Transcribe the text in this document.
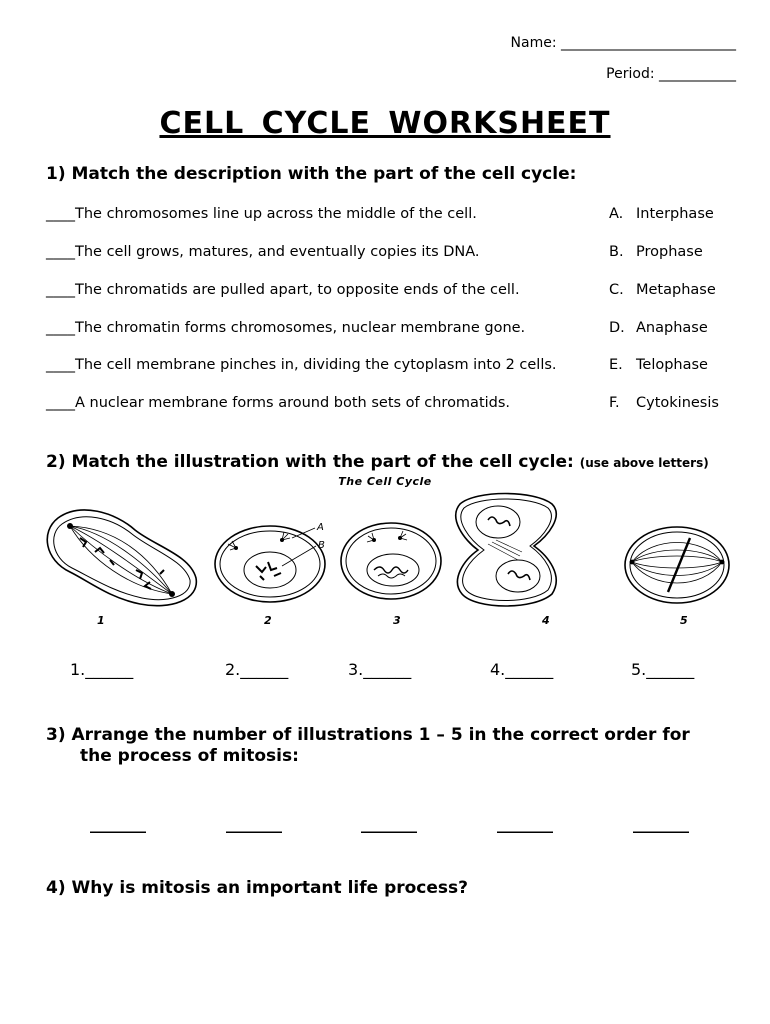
Name: _________________________
Period: ___________
CELL CYCLE WORKSHEET
1) Match the description with the part of the cell cycle:
____The chromosomes line up across the middle of the cell.
____The cell grows, matures, and eventually copies its DNA.
____The chromatids are pulled apart, to opposite ends of the cell.
____The chromatin forms chromosomes, nuclear membrane gone.
____The cell membrane pinches in, dividing the cytoplasm into 2 cells.
____A nuclear membrane forms around both sets of chromatids.
A. Interphase
B. Prophase
C. Metaphase
D. Anaphase
E. Telophase
F. Cytokinesis
2) Match the illustration with the part of the cell cycle: (use above letters)
The Cell Cycle
A
B
1	2	3	4	5
1.______	2.______	3.______	4.______	5.______
3) Arrange the number of illustrations 1 – 5 in the correct order for
the process of mitosis:
_______	_______	_______	_______	_______
4) Why is mitosis an important life process?
